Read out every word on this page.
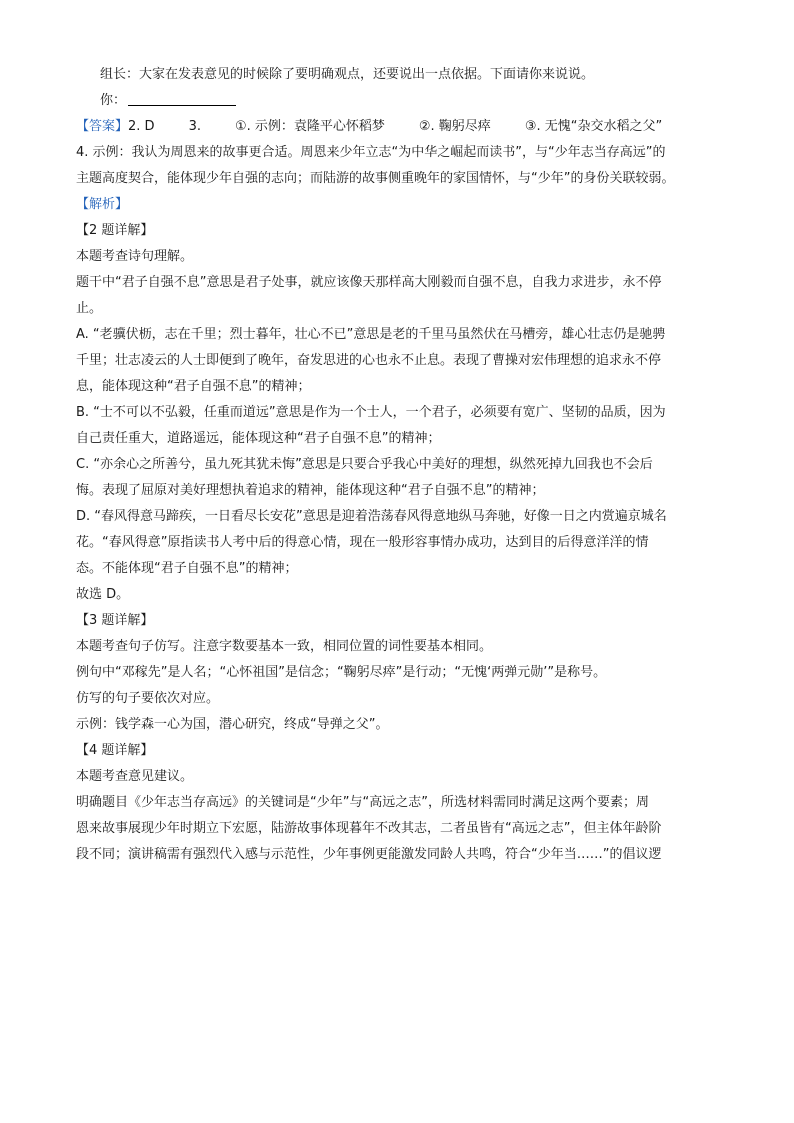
组长：大家在发表意见的时候除了要明确观点，还要说出一点依据。下面请你来说说。
你：
【答案】2. D	3.	①. 示例：袁隆平心怀稻梦	②. 鞠躬尽瘁	③. 无愧“杂交水稻之父”
4. 示例：我认为周恩来的故事更合适。周恩来少年立志“为中华之崛起而读书”，与“少年志当存高远”的
主题高度契合，能体现少年自强的志向；而陆游的故事侧重晚年的家国情怀，与“少年”的身份关联较弱。
【解析】
【2 题详解】
本题考查诗句理解。
题干中“君子自强不息”意思是君子处事，就应该像天那样高大刚毅而自强不息，自我力求进步，永不停
止。
A. “老骥伏枥，志在千里；烈士暮年，壮心不已”意思是老的千里马虽然伏在马槽旁，雄心壮志仍是驰骋
千里；壮志凌云的人士即便到了晚年，奋发思进的心也永不止息。表现了曹操对宏伟理想的追求永不停
息，能体现这种“君子自强不息”的精神；
B. “士不可以不弘毅，任重而道远”意思是作为一个士人，一个君子，必须要有宽广、坚韧的品质，因为
自己责任重大，道路遥远，能体现这种“君子自强不息”的精神；
C. “亦余心之所善兮，虽九死其犹未悔”意思是只要合乎我心中美好的理想，纵然死掉九回我也不会后
悔。表现了屈原对美好理想执着追求的精神，能体现这种“君子自强不息”的精神；
D. “春风得意马蹄疾，一日看尽长安花”意思是迎着浩荡春风得意地纵马奔驰，好像一日之内赏遍京城名
花。“春风得意”原指读书人考中后的得意心情，现在一般形容事情办成功，达到目的后得意洋洋的情
态。不能体现“君子自强不息”的精神；
故选 D。
【3 题详解】
本题考查句子仿写。注意字数要基本一致，相同位置的词性要基本相同。
例句中“邓稼先”是人名；“心怀祖国”是信念；“鞠躬尽瘁”是行动；“无愧‘两弹元勋’”是称号。
仿写的句子要依次对应。
示例：钱学森一心为国，潜心研究，终成“导弹之父”。
【4 题详解】
本题考查意见建议。
明确题目《少年志当存高远》的关键词是“少年”与“高远之志”，所选材料需同时满足这两个要素；周
恩来故事展现少年时期立下宏愿，陆游故事体现暮年不改其志，二者虽皆有“高远之志”，但主体年龄阶
段不同；演讲稿需有强烈代入感与示范性，少年事例更能激发同龄人共鸣，符合“少年当……”的倡议逻
